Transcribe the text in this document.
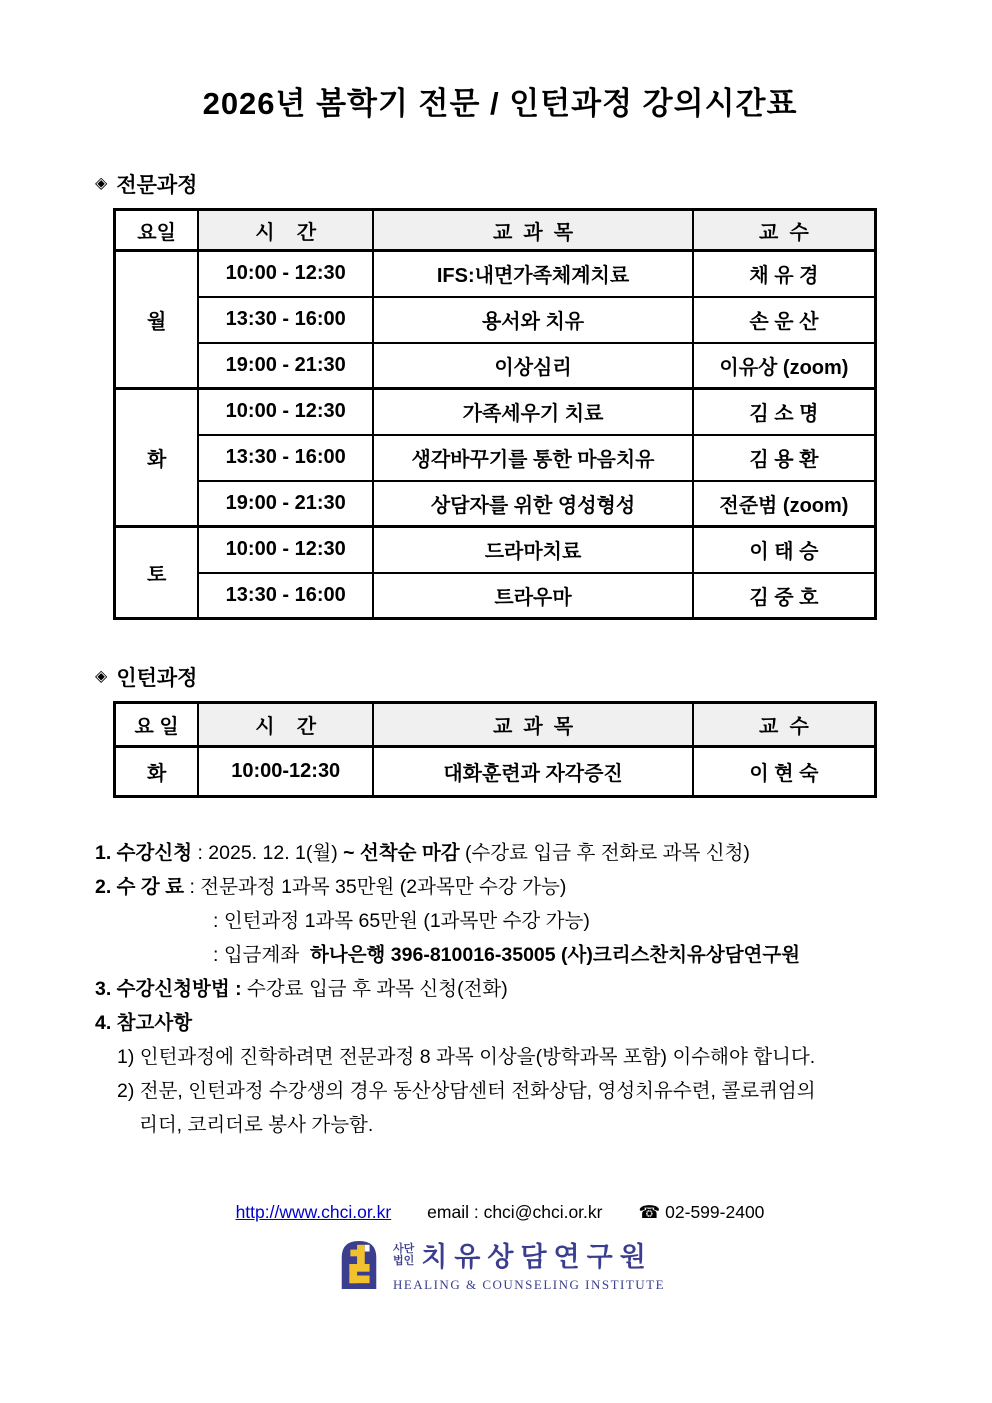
2026년 봄학기 전문 / 인턴과정 강의시간표
◈ 전문과정
요일	시    간	교  과  목	교  수
월	10:00 - 12:30	IFS:내면가족체계치료	채 유 경
	13:30 - 16:00	용서와 치유	손 운 산
	19:00 - 21:30	이상심리	이유상 (zoom)
화	10:00 - 12:30	가족세우기 치료	김 소 명
	13:30 - 16:00	생각바꾸기를 통한 마음치유	김 용 환
	19:00 - 21:30	상담자를 위한 영성형성	전준범 (zoom)
토	10:00 - 12:30	드라마치료	이 태 승
	13:30 - 16:00	트라우마	김 중 호
◈ 인턴과정
요 일	시    간	교  과  목	교  수
화	10:00-12:30	대화훈련과 자각증진	이 현 숙
1. 수강신청 : 2025. 12. 1(월) ~ 선착순 마감 (수강료 입금 후 전화로 과목 신청)
2. 수 강 료 : 전문과정 1과목 35만원 (2과목만 수강 가능)
: 인턴과정 1과목 65만원 (1과목만 수강 가능)
: 입금계좌  하나은행 396-810016-35005 (사)크리스찬치유상담연구원
3. 수강신청방법 : 수강료 입금 후 과목 신청(전화)
4. 참고사항
1) 인턴과정에 진학하려면 전문과정 8 과목 이상을(방학과목 포함) 이수해야 합니다.
2) 전문, 인턴과정 수강생의 경우 동산상담센터 전화상담, 영성치유수련, 콜로퀴엄의
리더, 코리더로 봉사 가능함.
http://www.chci.or.kr email : chci@chci.or.kr ☎ 02-599-2400
사단
법인 치유상담연구원
HEALING & COUNSELING INSTITUTE
